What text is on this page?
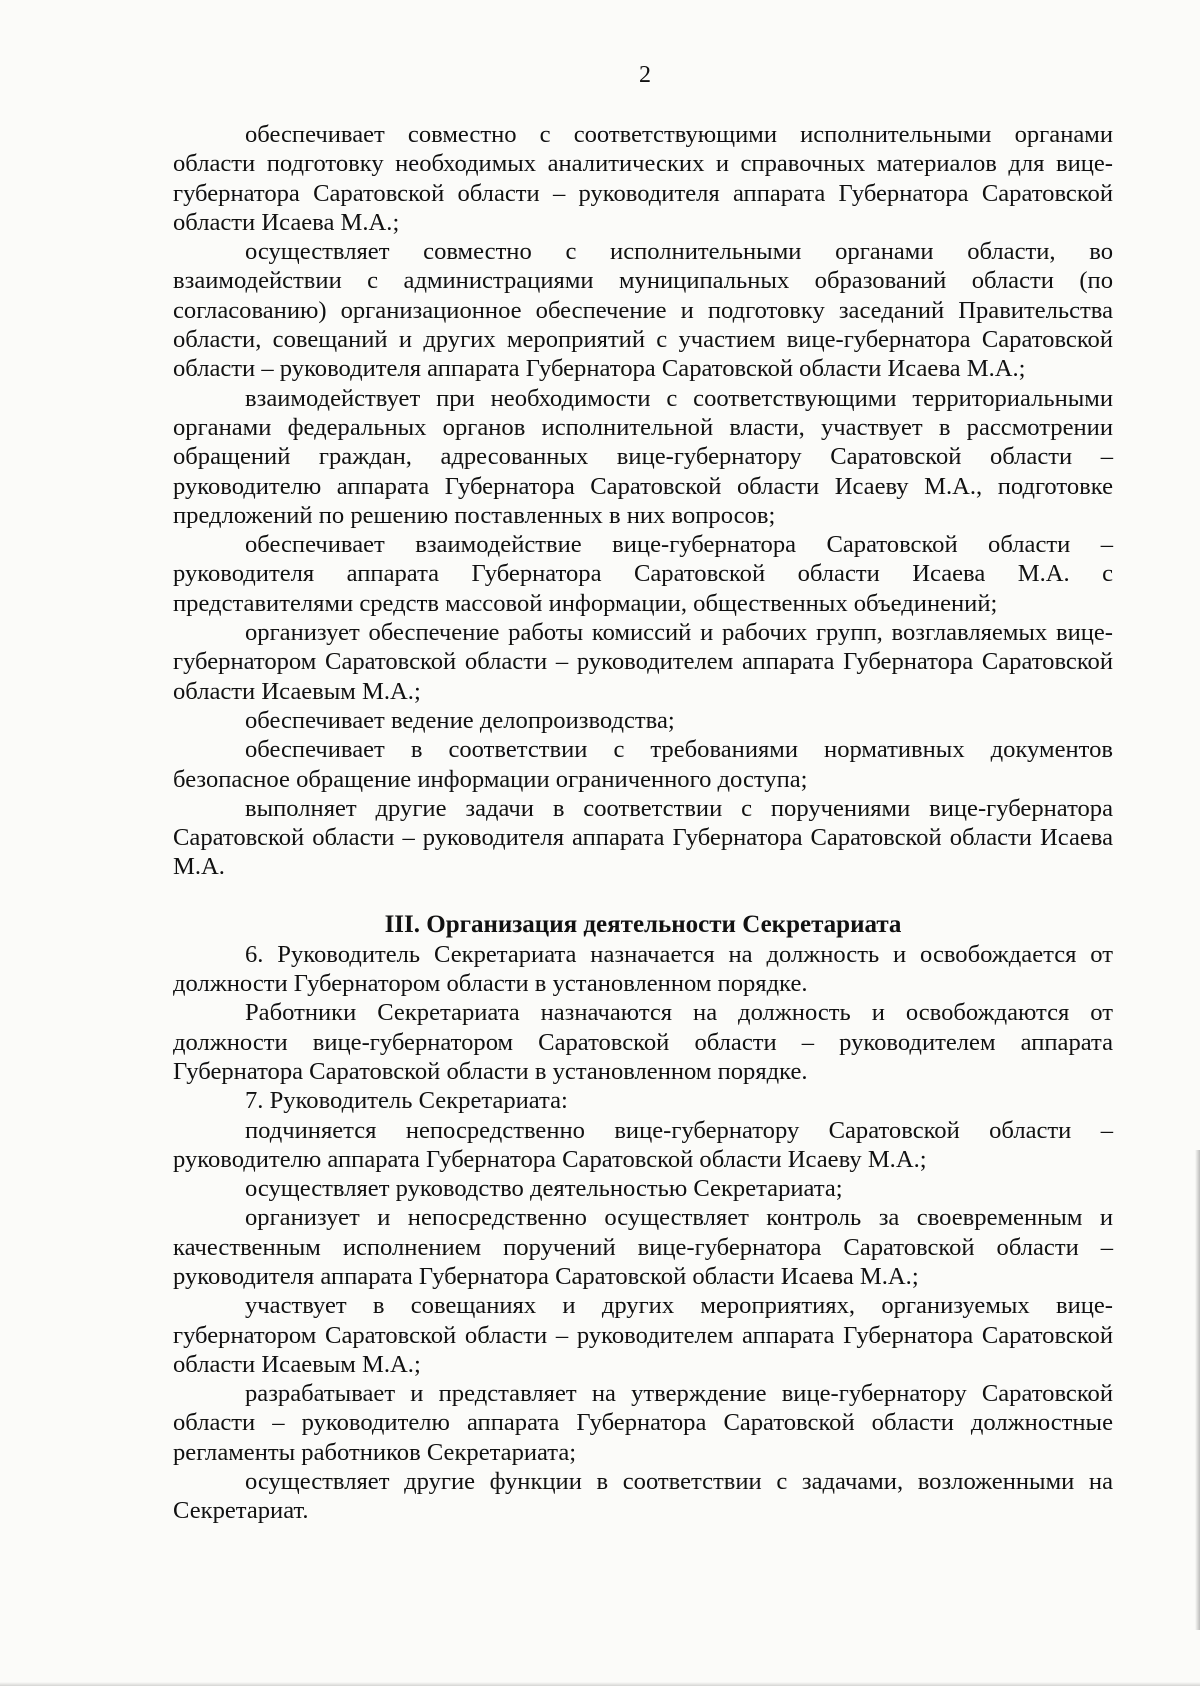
2

обеспечивает совместно с соответствующими исполнительными органами области подготовку необходимых аналитических и справочных материалов для вице-губернатора Саратовской области – руководителя аппарата Губернатора Саратовской области Исаева М.А.;

осуществляет совместно с исполнительными органами области, во взаимодействии с администрациями муниципальных образований области (по согласованию) организационное обеспечение и подготовку заседаний Правительства области, совещаний и других мероприятий с участием вице-губернатора Саратовской области – руководителя аппарата Губернатора Саратовской области Исаева М.А.;

взаимодействует при необходимости с соответствующими территориальными органами федеральных органов исполнительной власти, участвует в рассмотрении обращений граждан, адресованных вице-губернатору Саратовской области – руководителю аппарата Губернатора Саратовской области Исаеву М.А., подготовке предложений по решению поставленных в них вопросов;

обеспечивает взаимодействие вице-губернатора Саратовской области – руководителя аппарата Губернатора Саратовской области Исаева М.А. с представителями средств массовой информации, общественных объединений;

организует обеспечение работы комиссий и рабочих групп, возглавляемых вице-губернатором Саратовской области – руководителем аппарата Губернатора Саратовской области Исаевым М.А.;

обеспечивает ведение делопроизводства;

обеспечивает в соответствии с требованиями нормативных документов безопасное обращение информации ограниченного доступа;

выполняет другие задачи в соответствии с поручениями вице-губернатора Саратовской области – руководителя аппарата Губернатора Саратовской области Исаева М.А.

III. Организация деятельности Секретариата

6. Руководитель Секретариата назначается на должность и освобождается от должности Губернатором области в установленном порядке.

Работники Секретариата назначаются на должность и освобождаются от должности вице-губернатором Саратовской области – руководителем аппарата Губернатора Саратовской области в установленном порядке.

7. Руководитель Секретариата:

подчиняется непосредственно вице-губернатору Саратовской области – руководителю аппарата Губернатора Саратовской области Исаеву М.А.;

осуществляет руководство деятельностью Секретариата;

организует и непосредственно осуществляет контроль за своевременным и качественным исполнением поручений вице-губернатора Саратовской области – руководителя аппарата Губернатора Саратовской области Исаева М.А.;

участвует в совещаниях и других мероприятиях, организуемых вице-губернатором Саратовской области – руководителем аппарата Губернатора Саратовской области Исаевым М.А.;

разрабатывает и представляет на утверждение вице-губернатору Саратовской области – руководителю аппарата Губернатора Саратовской области должностные регламенты работников Секретариата;

осуществляет другие функции в соответствии с задачами, возложенными на Секретариат.
